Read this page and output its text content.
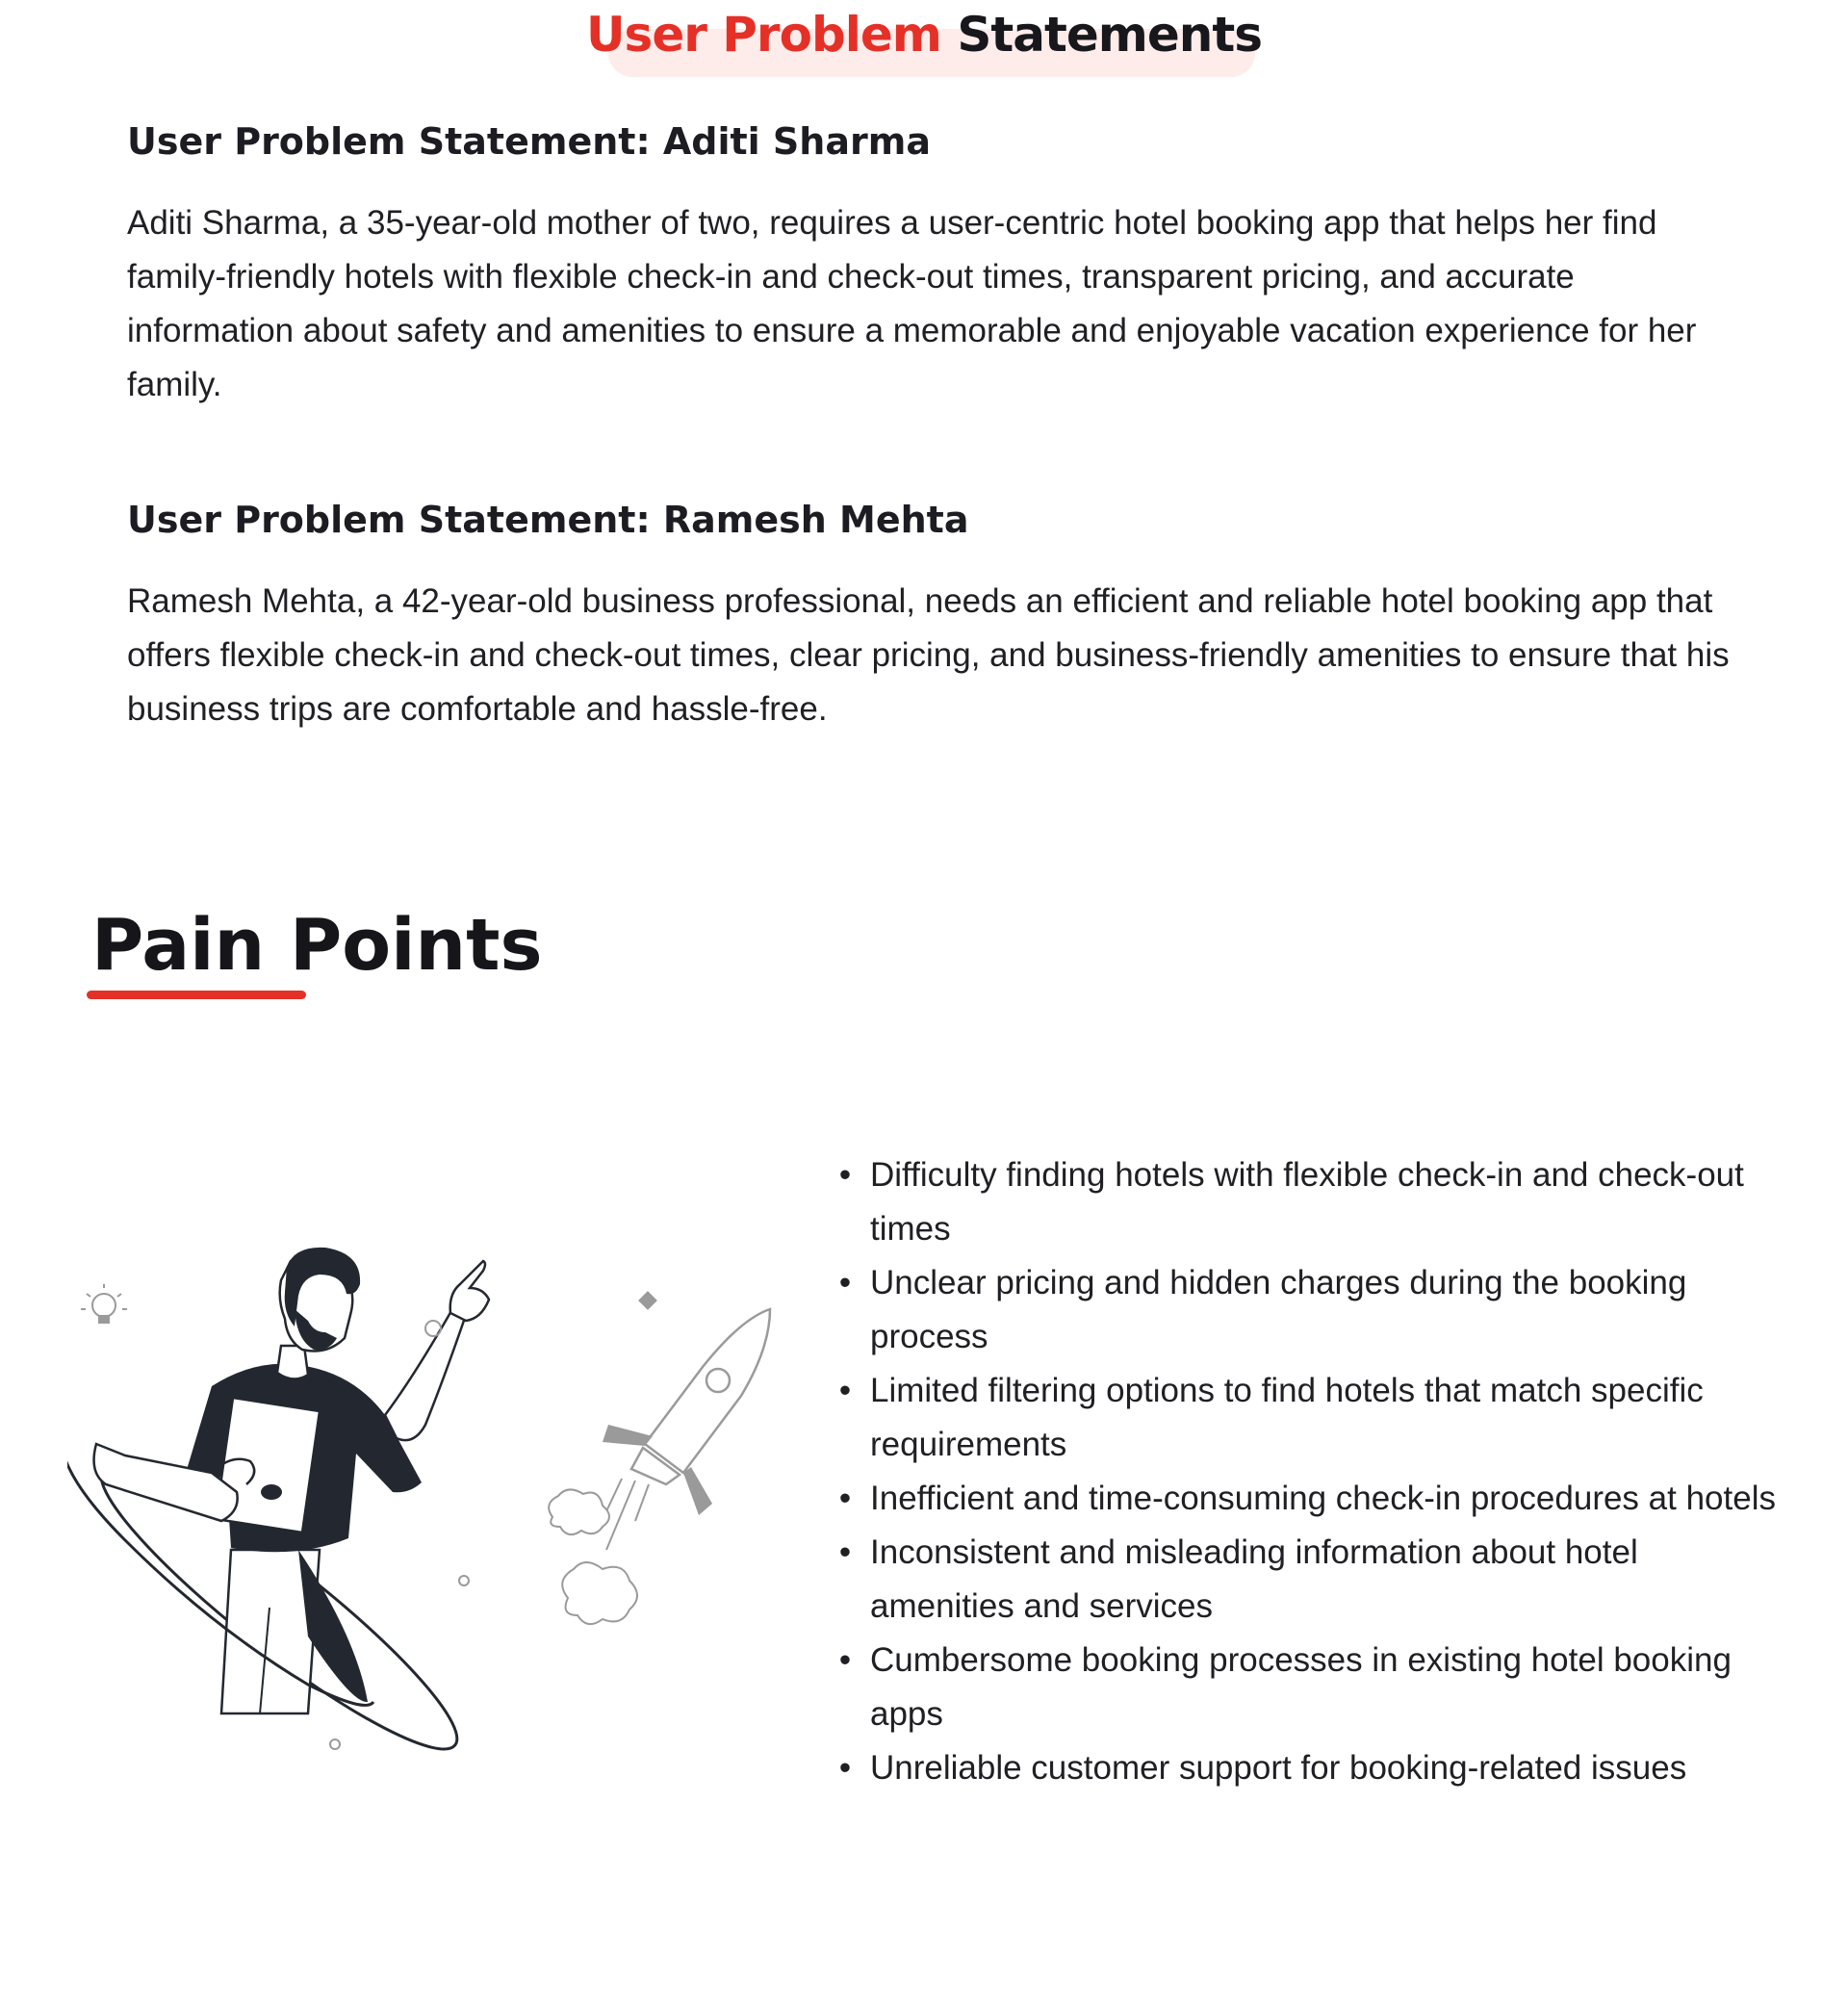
User Problem Statements
User Problem Statement: Aditi Sharma

Aditi Sharma, a 35-year-old mother of two, requires a user-centric hotel booking app that helps her find family-friendly hotels with flexible check-in and check-out times, transparent pricing, and accurate information about safety and amenities to ensure a memorable and enjoyable vacation experience for her family.

User Problem Statement: Ramesh Mehta

Ramesh Mehta, a 42-year-old business professional, needs an efficient and reliable hotel booking app that offers flexible check-in and check-out times, clear pricing, and business-friendly amenities to ensure that his business trips are comfortable and hassle-free.

Pain Points
• Difficulty finding hotels with flexible check-in and check-out times
• Unclear pricing and hidden charges during the booking process
• Limited filtering options to find hotels that match specific requirements
• Inefficient and time-consuming check-in procedures at hotels
• Inconsistent and misleading information about hotel amenities and services
• Cumbersome booking processes in existing hotel booking apps
• Unreliable customer support for booking-related issues
